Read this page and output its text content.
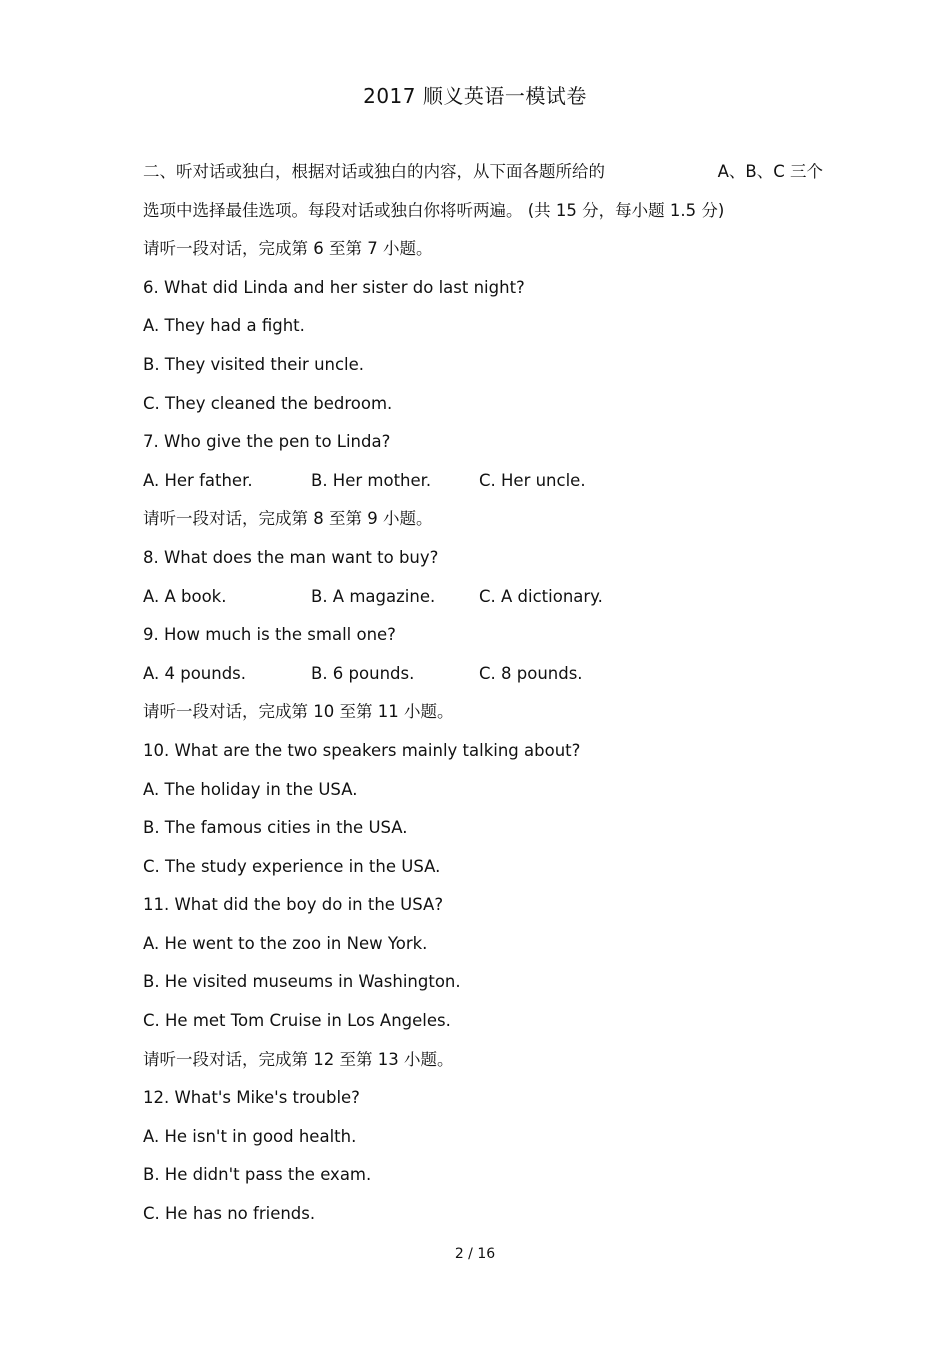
2017 顺义英语一模试卷
二、听对话或独白，根据对话或独白的内容，从下面各题所给的	A、B、C 三个
选项中选择最佳选项。每段对话或独白你将听两遍。 (共 15 分，每小题 1.5 分)
请听一段对话，完成第 6 至第 7 小题。
6. What did Linda and her sister do last night?
A. They had a fight.
B. They visited their uncle.
C. They cleaned the bedroom.
7. Who give the pen to Linda?
A. Her father.	B. Her mother.	C. Her uncle.
请听一段对话，完成第 8 至第 9 小题。
8. What does the man want to buy?
A. A book.	B. A magazine.	C. A dictionary.
9. How much is the small one?
A. 4 pounds.	B. 6 pounds.	C. 8 pounds.
请听一段对话，完成第 10 至第 11 小题。
10. What are the two speakers mainly talking about?
A. The holiday in the USA.
B. The famous cities in the USA.
C. The study experience in the USA.
11. What did the boy do in the USA?
A. He went to the zoo in New York.
B. He visited museums in Washington.
C. He met Tom Cruise in Los Angeles.
请听一段对话，完成第 12 至第 13 小题。
12. What's Mike's trouble?
A. He isn't in good health.
B. He didn't pass the exam.
C. He has no friends.
2 / 16
